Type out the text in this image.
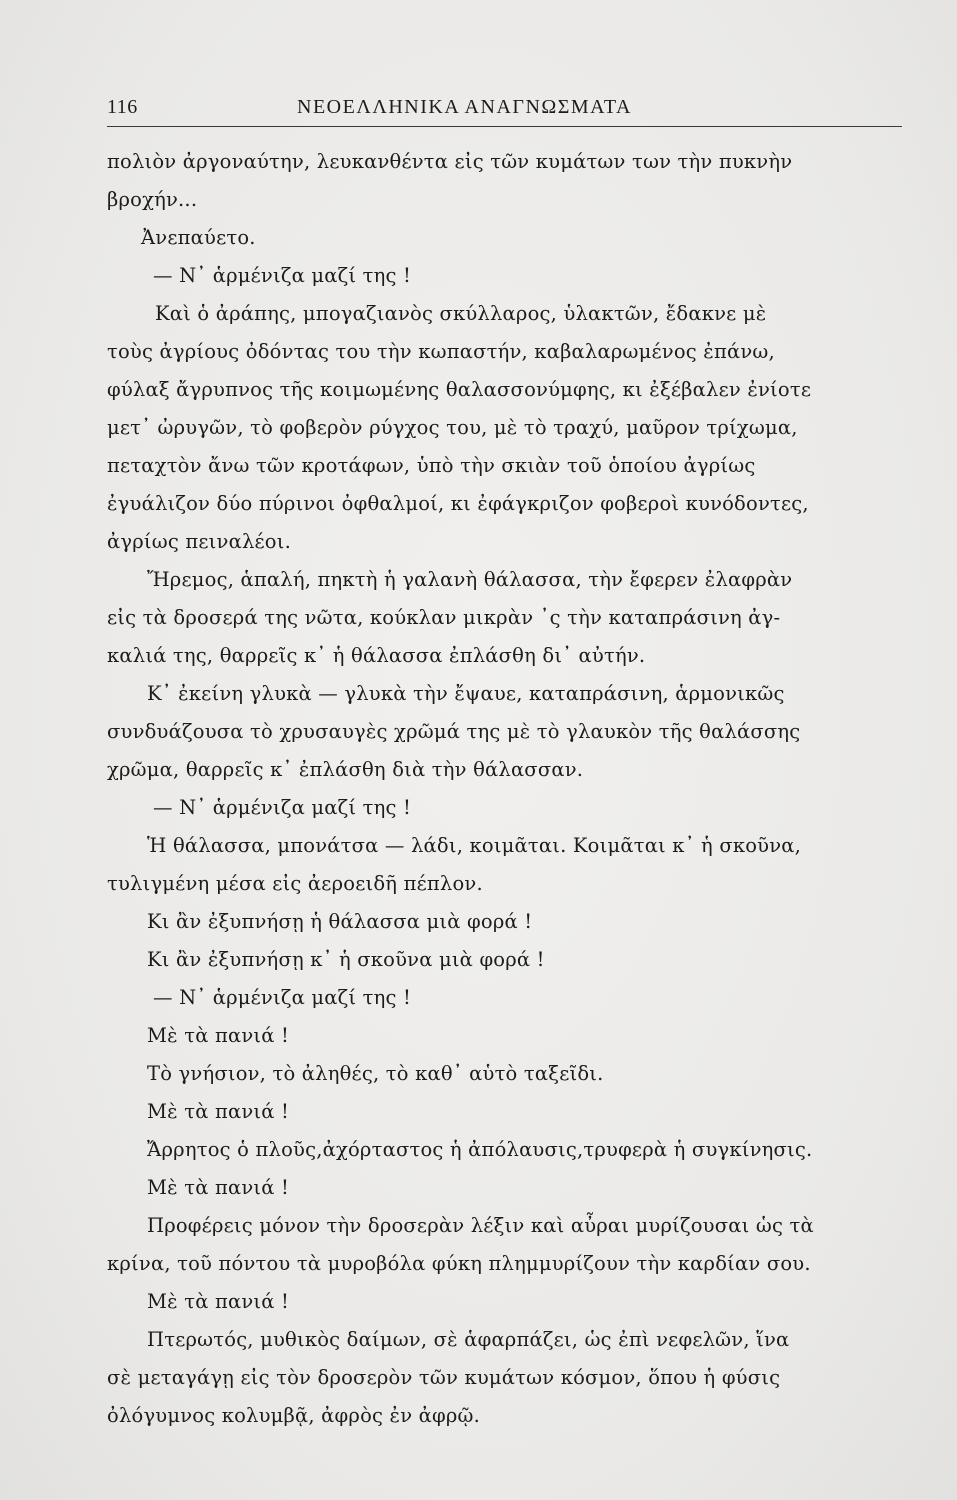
116	ΝΕΟΕΛΛΗΝΙΚΑ ΑΝΑΓΝΩΣΜΑΤΑ
πολιὸν ἀργοναύτην, λευκανθέντα εἰς τῶν κυμάτων των τὴν πυκνὴν
βροχήν...
Ἀνεπαύετο.
— Ν᾿ ἁρμένιζα μαζί της !
Καὶ ὁ ἀράπης, μπογαζιανὸς σκύλλαρος, ὑλακτῶν, ἔδακνε μὲ
τοὺς ἀγρίους ὀδόντας του τὴν κωπαστήν, καβαλαρωμένος ἐπάνω,
φύλαξ ἄγρυπνος τῆς κοιμωμένης θαλασσονύμφης, κι ἐξέβαλεν ἐνίοτε
μετ᾿ ὠρυγῶν, τὸ φοβερὸν ρύγχος του, μὲ τὸ τραχύ, μαῦρον τρίχωμα,
πεταχτὸν ἄνω τῶν κροτάφων, ὑπὸ τὴν σκιὰν τοῦ ὁποίου ἀγρίως
ἐγυάλιζον δύο πύρινοι ὀφθαλμοί, κι ἐφάγκριζον φοβεροὶ κυνόδοντες,
ἀγρίως πειναλέοι.
Ἤρεμος, ἁπαλή, πηκτὴ ἡ γαλανὴ θάλασσα, τὴν ἔφερεν ἐλαφρὰν
εἰς τὰ δροσερά της νῶτα, κούκλαν μικρὰν ᾿ς τὴν καταπράσινη ἀγ-
καλιά της, θαρρεῖς κ᾿ ἡ θάλασσα ἐπλάσθη δι᾿ αὐτήν.
Κ᾿ ἐκείνη γλυκὰ — γλυκὰ τὴν ἔψαυε, καταπράσινη, ἁρμονικῶς
συνδυάζουσα τὸ χρυσαυγὲς χρῶμά της μὲ τὸ γλαυκὸν τῆς θαλάσσης
χρῶμα, θαρρεῖς κ᾿ ἐπλάσθη διὰ τὴν θάλασσαν.
— Ν᾿ ἁρμένιζα μαζί της !
Ἡ θάλασσα, μπονάτσα — λάδι, κοιμᾶται. Κοιμᾶται κ᾿ ἡ σκοῦνα,
τυλιγμένη μέσα εἰς ἀεροειδῆ πέπλον.
Κι ἂν ἐξυπνήσῃ ἡ θάλασσα μιὰ φορά !
Κι ἂν ἐξυπνήσῃ κ᾿ ἡ σκοῦνα μιὰ φορά !
— Ν᾿ ἁρμένιζα μαζί της !
Μὲ τὰ πανιά !
Τὸ γνήσιον, τὸ ἀληθές, τὸ καθ᾿ αὑτὸ ταξεῖδι.
Μὲ τὰ πανιά !
Ἄρρητος ὁ πλοῦς,ἀχόρταστος ἡ ἀπόλαυσις,τρυφερὰ ἡ συγκίνησις.
Μὲ τὰ πανιά !
Προφέρεις μόνον τὴν δροσερὰν λέξιν καὶ αὖραι μυρίζουσαι ὡς τὰ
κρίνα, τοῦ πόντου τὰ μυροβόλα φύκη πλημμυρίζουν τὴν καρδίαν σου.
Μὲ τὰ πανιά !
Πτερωτός, μυθικὸς δαίμων, σὲ ἁφαρπάζει, ὡς ἐπὶ νεφελῶν, ἵνα
σὲ μεταγάγῃ εἰς τὸν δροσερὸν τῶν κυμάτων κόσμον, ὅπου ἡ φύσις
ὀλόγυμνος κολυμβᾷ, ἀφρὸς ἐν ἀφρῷ.
